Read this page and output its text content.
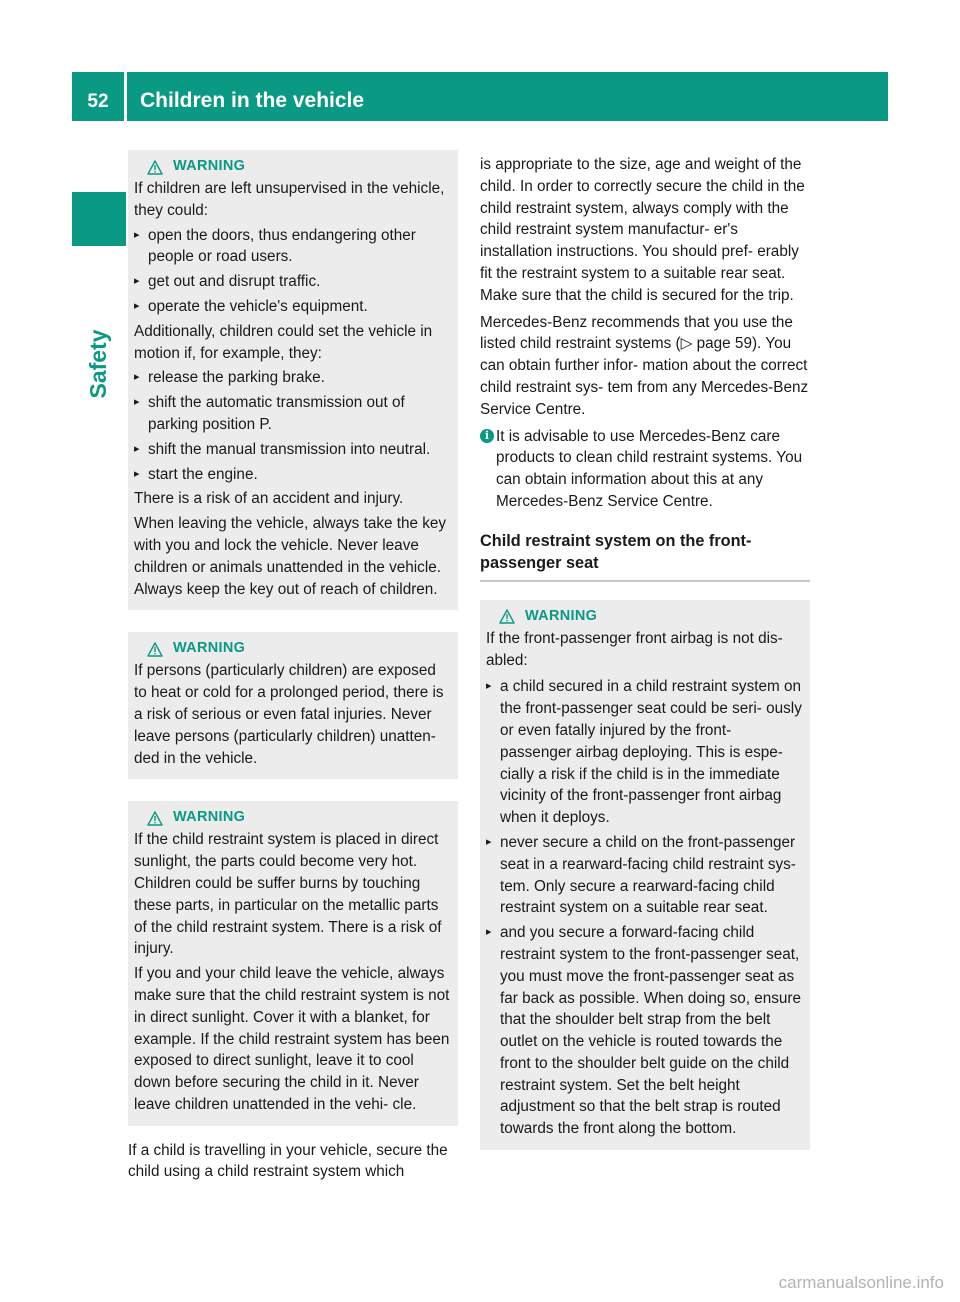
52	Children in the vehicle
Safety
WARNING

If children are left unsupervised in the vehicle, they could:

▸ open the doors, thus endangering other people or road users.
▸ get out and disrupt traffic.
▸ operate the vehicle's equipment.

Additionally, children could set the vehicle in motion if, for example, they:

▸ release the parking brake.
▸ shift the automatic transmission out of parking position P.
▸ shift the manual transmission into neutral.
▸ start the engine.

There is a risk of an accident and injury.

When leaving the vehicle, always take the key with you and lock the vehicle. Never leave children or animals unattended in the vehicle. Always keep the key out of reach of children.

WARNING

If persons (particularly children) are exposed to heat or cold for a prolonged period, there is a risk of serious or even fatal injuries. Never leave persons (particularly children) unatten- ded in the vehicle.

WARNING

If the child restraint system is placed in direct sunlight, the parts could become very hot. Children could be suffer burns by touching these parts, in particular on the metallic parts of the child restraint system. There is a risk of injury.

If you and your child leave the vehicle, always make sure that the child restraint system is not in direct sunlight. Cover it with a blanket, for example. If the child restraint system has been exposed to direct sunlight, leave it to cool down before securing the child in it. Never leave children unattended in the vehi- cle.

If a child is travelling in your vehicle, secure the child using a child restraint system which

is appropriate to the size, age and weight of the child. In order to correctly secure the child in the child restraint system, always comply with the child restraint system manufactur- er's installation instructions. You should pref- erably fit the restraint system to a suitable rear seat. Make sure that the child is secured for the trip.

Mercedes-Benz recommends that you use the listed child restraint systems (▷ page 59). You can obtain further infor- mation about the correct child restraint sys- tem from any Mercedes-Benz Service Centre.

i It is advisable to use Mercedes-Benz care products to clean child restraint systems. You can obtain information about this at any Mercedes-Benz Service Centre.
Child restraint system on the front-passenger seat
WARNING

If the front-passenger front airbag is not dis- abled:

▸ a child secured in a child restraint system on the front-passenger seat could be seri- ously or even fatally injured by the front- passenger airbag deploying. This is espe- cially a risk if the child is in the immediate vicinity of the front-passenger front airbag when it deploys.
▸ never secure a child on the front-passenger seat in a rearward-facing child restraint sys- tem. Only secure a rearward-facing child restraint system on a suitable rear seat.
▸ and you secure a forward-facing child restraint system to the front-passenger seat, you must move the front-passenger seat as far back as possible. When doing so, ensure that the shoulder belt strap from the belt outlet on the vehicle is routed towards the front to the shoulder belt guide on the child restraint system. Set the belt height adjustment so that the belt strap is routed towards the front along the bottom.
carmanualsonline.info
